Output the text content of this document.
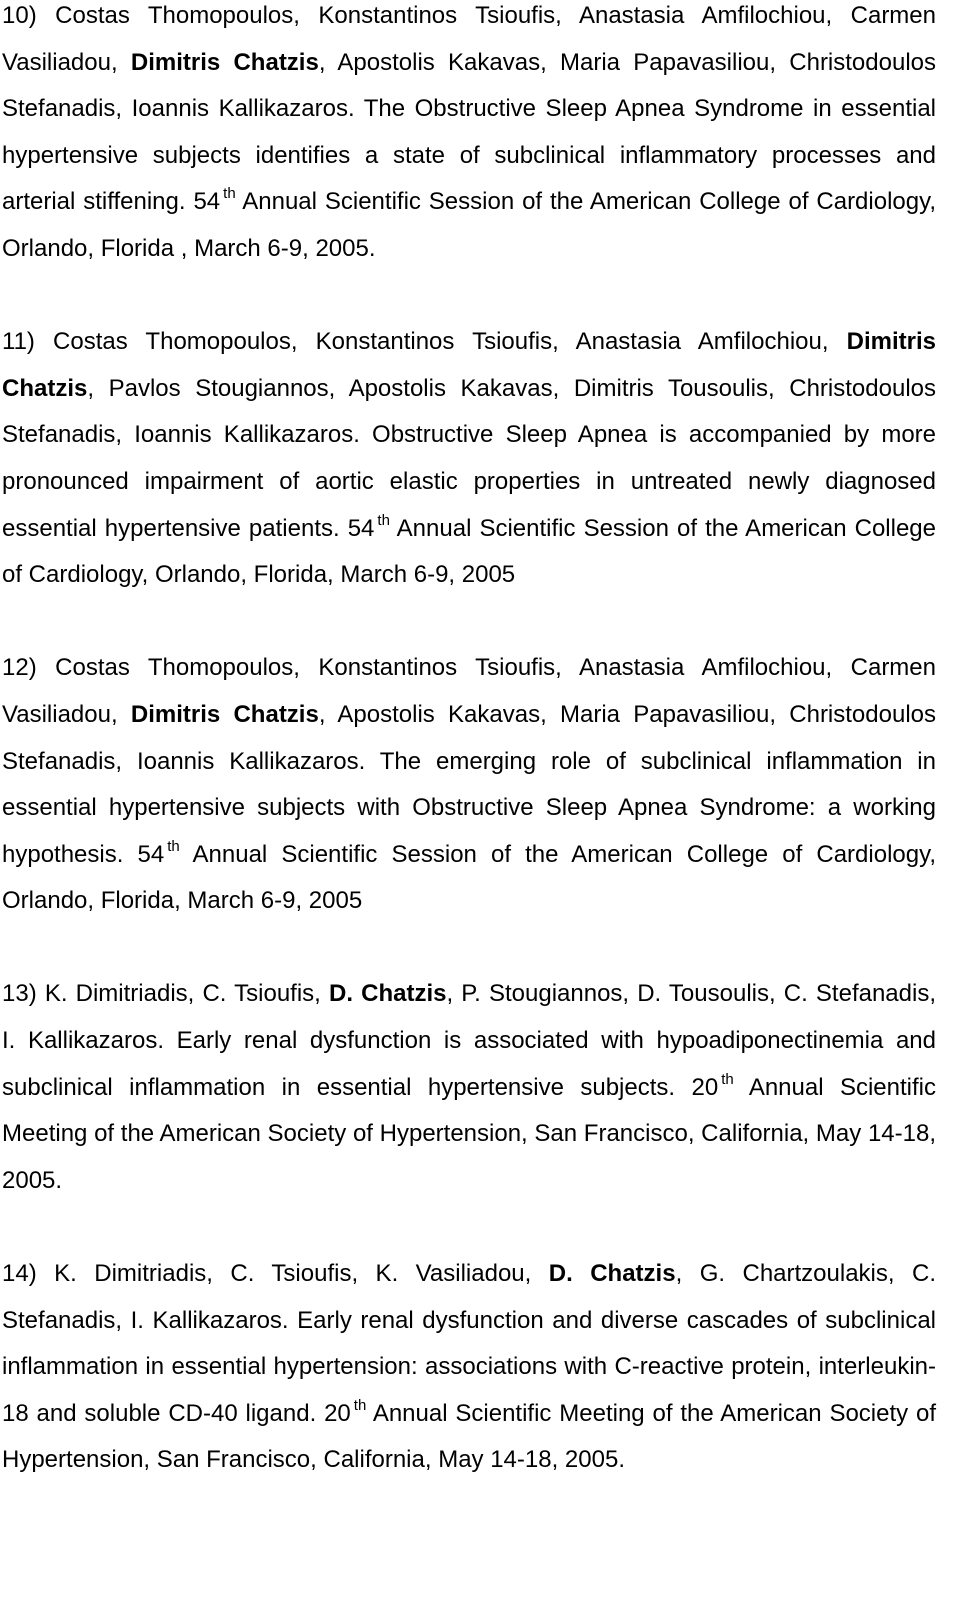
10) Costas Thomopoulos, Konstantinos Tsioufis, Anastasia Amfilochiou, Carmen Vasiliadou, Dimitris Chatzis, Apostolis Kakavas, Maria Papavasiliou, Christodoulos Stefanadis, Ioannis Kallikazaros. The Obstructive Sleep Apnea Syndrome in essential hypertensive subjects identifies a state of subclinical inflammatory processes and arterial stiffening. 54 $^{th}$ Annual Scientific Session of the American College of Cardiology, Orlando, Florida , March 6-9, 2005.

11) Costas Thomopoulos, Konstantinos Tsioufis, Anastasia Amfilochiou, Dimitris Chatzis, Pavlos Stougiannos, Apostolis Kakavas, Dimitris Tousoulis, Christodoulos Stefanadis, Ioannis Kallikazaros. Obstructive Sleep Apnea is accompanied by more pronounced impairment of aortic elastic properties in untreated newly diagnosed essential hypertensive patients. 54 $^{th}$ Annual Scientific Session of the American College of Cardiology, Orlando, Florida, March 6-9, 2005

12) Costas Thomopoulos, Konstantinos Tsioufis, Anastasia Amfilochiou, Carmen Vasiliadou, Dimitris Chatzis, Apostolis Kakavas, Maria Papavasiliou, Christodoulos Stefanadis, Ioannis Kallikazaros. The emerging role of subclinical inflammation in essential hypertensive subjects with Obstructive Sleep Apnea Syndrome: a working hypothesis. 54 $^{th}$ Annual Scientific Session of the American College of Cardiology, Orlando, Florida, March 6-9, 2005

13) K. Dimitriadis, C. Tsioufis, D. Chatzis, P. Stougiannos, D. Tousoulis, C. Stefanadis, I. Kallikazaros. Early renal dysfunction is associated with hypoadiponectinemia and subclinical inflammation in essential hypertensive subjects. 20 $^{th}$ Annual Scientific Meeting of the American Society of Hypertension, San Francisco, California, May 14-18, 2005.

14) K. Dimitriadis, C. Tsioufis, K. Vasiliadou, D. Chatzis, G. Chartzoulakis, C. Stefanadis, I. Kallikazaros. Early renal dysfunction and diverse cascades of subclinical inflammation in essential hypertension: associations with C-reactive protein, interleukin-18 and soluble CD-40 ligand. 20 $^{th}$ Annual Scientific Meeting of the American Society of Hypertension, San Francisco, California, May 14-18, 2005.
